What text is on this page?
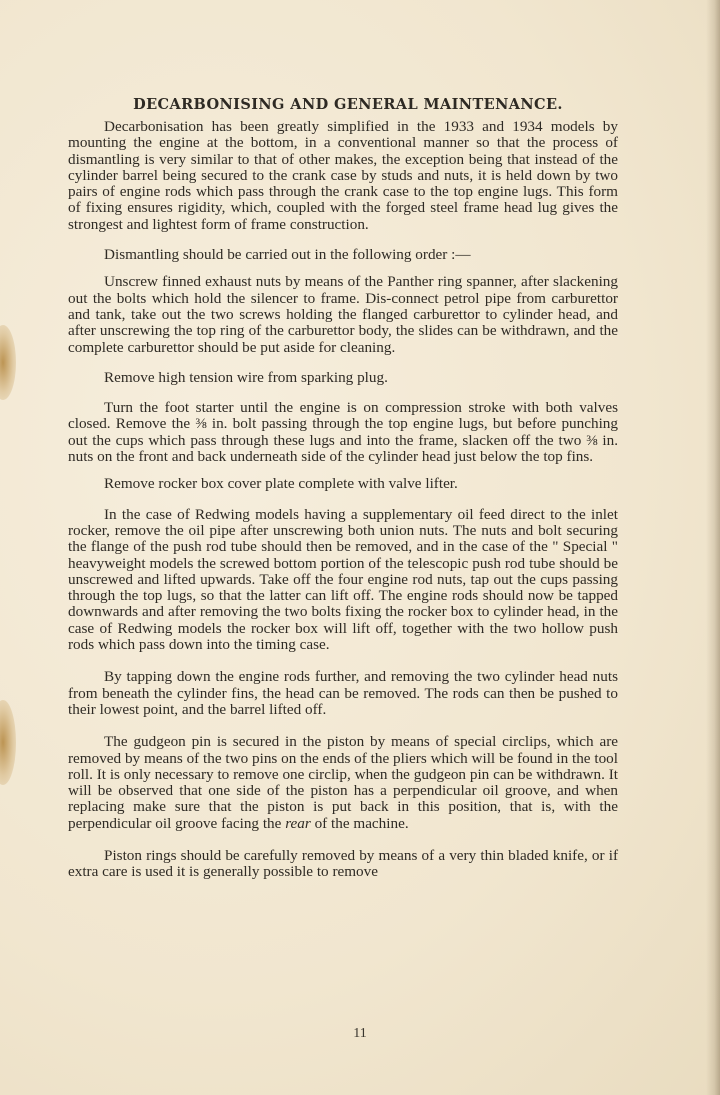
DECARBONISING AND GENERAL MAINTENANCE.

Decarbonisation has been greatly simplified in the 1933 and 1934 models by mounting the engine at the bottom, in a conventional manner so that the process of dismantling is very similar to that of other makes, the exception being that instead of the cylinder barrel being secured to the crank case by studs and nuts, it is held down by two pairs of engine rods which pass through the crank case to the top engine lugs. This form of fixing ensures rigidity, which, coupled with the forged steel frame head lug gives the strongest and lightest form of frame construction.

Dismantling should be carried out in the following order :—

Unscrew finned exhaust nuts by means of the Panther ring spanner, after slackening out the bolts which hold the silencer to frame. Dis-connect petrol pipe from carburettor and tank, take out the two screws holding the flanged carburettor to cylinder head, and after unscrewing the top ring of the carburettor body, the slides can be withdrawn, and the complete carburettor should be put aside for cleaning.

Remove high tension wire from sparking plug.

Turn the foot starter until the engine is on compression stroke with both valves closed. Remove the ⅜ in. bolt passing through the top engine lugs, but before punching out the cups which pass through these lugs and into the frame, slacken off the two ⅜ in. nuts on the front and back underneath side of the cylinder head just below the top fins.

Remove rocker box cover plate complete with valve lifter.

In the case of Redwing models having a supplementary oil feed direct to the inlet rocker, remove the oil pipe after unscrewing both union nuts. The nuts and bolt securing the flange of the push rod tube should then be removed, and in the case of the " Special " heavyweight models the screwed bottom portion of the telescopic push rod tube should be unscrewed and lifted upwards. Take off the four engine rod nuts, tap out the cups passing through the top lugs, so that the latter can lift off. The engine rods should now be tapped downwards and after removing the two bolts fixing the rocker box to cylinder head, in the case of Redwing models the rocker box will lift off, together with the two hollow push rods which pass down into the timing case.

By tapping down the engine rods further, and removing the two cylinder head nuts from beneath the cylinder fins, the head can be removed. The rods can then be pushed to their lowest point, and the barrel lifted off.

The gudgeon pin is secured in the piston by means of special circlips, which are removed by means of the two pins on the ends of the pliers which will be found in the tool roll. It is only necessary to remove one circlip, when the gudgeon pin can be withdrawn. It will be observed that one side of the piston has a perpendicular oil groove, and when replacing make sure that the piston is put back in this position, that is, with the perpendicular oil groove facing the rear of the machine.

Piston rings should be carefully removed by means of a very thin bladed knife, or if extra care is used it is generally possible to remove

11
